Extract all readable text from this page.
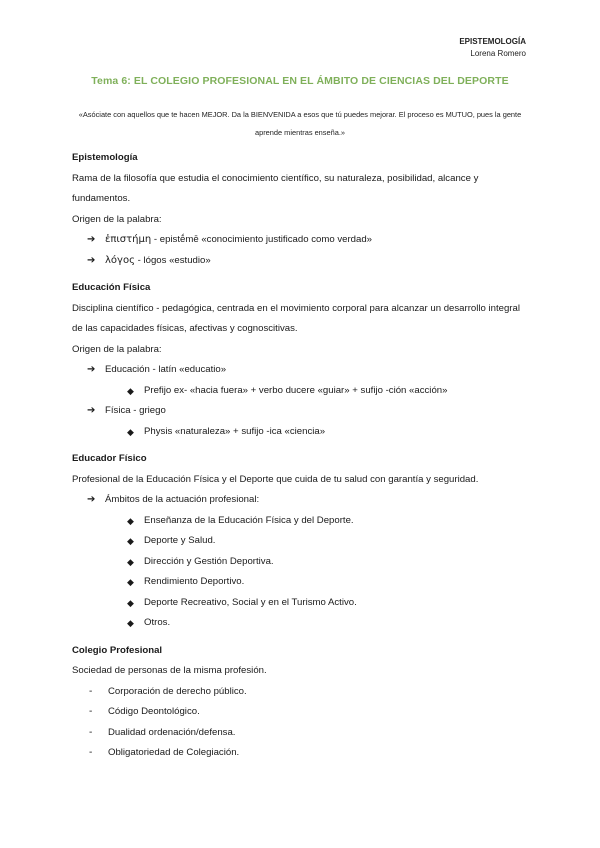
EPISTEMOLOGÍA
Lorena Romero
Tema 6: EL COLEGIO PROFESIONAL EN EL ÁMBITO DE CIENCIAS DEL DEPORTE
«Asóciate con aquellos que te hacen MEJOR. Da la BIENVENIDA a esos que tú puedes mejorar. El proceso es MUTUO, pues la gente aprende mientras enseña.»
Epistemología

Rama de la filosofía que estudia el conocimiento científico, su naturaleza, posibilidad, alcance y fundamentos.

Origen de la palabra:

➔ ἐπιστήμη - epistḗmē «conocimiento justificado como verdad»
➔ λόγος - lógos «estudio»
Educación Física

Disciplina científico - pedagógica, centrada en el movimiento corporal para alcanzar un desarrollo integral de las capacidades físicas, afectivas y cognoscitivas.

Origen de la palabra:

➔ Educación - latín «educatio»
◆ Prefijo ex- «hacia fuera» + verbo ducere «guiar» + sufijo -ción «acción»
➔ Física - griego
◆ Physis «naturaleza» + sufijo -ica «ciencia»
Educador Físico

Profesional de la Educación Física y el Deporte que cuida de tu salud con garantía y seguridad.

➔ Ámbitos de la actuación profesional:
◆ Enseñanza de la Educación Física y del Deporte.
◆ Deporte y Salud.
◆ Dirección y Gestión Deportiva.
◆ Rendimiento Deportivo.
◆ Deporte Recreativo, Social y en el Turismo Activo.
◆ Otros.
Colegio Profesional

Sociedad de personas de la misma profesión.

- Corporación de derecho público.
- Código Deontológico.
- Dualidad ordenación/defensa.
- Obligatoriedad de Colegiación.
